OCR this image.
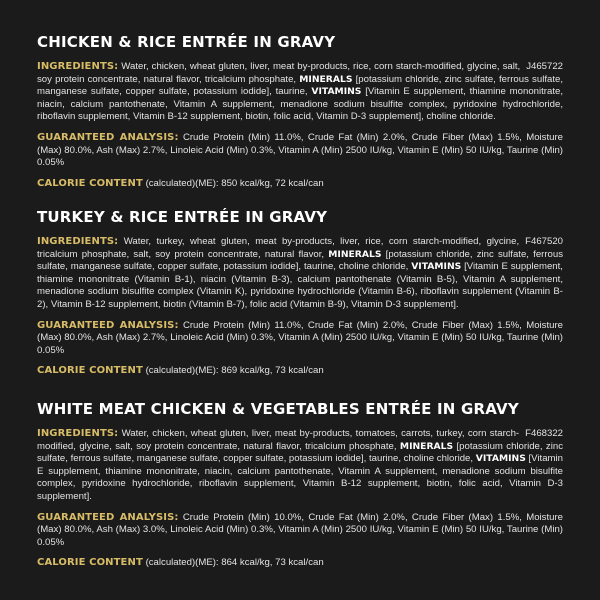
CHICKEN & RICE ENTRÉE IN GRAVY

J465722
INGREDIENTS: Water, chicken, wheat gluten, liver, meat by-products, rice, corn starch-modified, glycine, salt, soy protein concentrate, natural flavor, tricalcium phosphate, MINERALS [potassium chloride, zinc sulfate, ferrous sulfate, manganese sulfate, copper sulfate, potassium iodide], taurine, VITAMINS [Vitamin E supplement, thiamine mononitrate, niacin, calcium pantothenate, Vitamin A supplement, menadione sodium bisulfite complex, pyridoxine hydrochloride, riboflavin supplement, Vitamin B-12 supplement, biotin, folic acid, Vitamin D-3 supplement], choline chloride.

GUARANTEED ANALYSIS: Crude Protein (Min) 11.0%, Crude Fat (Min) 2.0%, Crude Fiber (Max) 1.5%, Moisture (Max) 80.0%, Ash (Max) 2.7%, Linoleic Acid (Min) 0.3%, Vitamin A (Min) 2500 IU/kg, Vitamin E (Min) 50 IU/kg, Taurine (Min) 0.05%

CALORIE CONTENT (calculated)(ME): 850 kcal/kg, 72 kcal/can

TURKEY & RICE ENTRÉE IN GRAVY

F467520
INGREDIENTS: Water, turkey, wheat gluten, meat by-products, liver, rice, corn starch-modified, glycine, tricalcium phosphate, salt, soy protein concentrate, natural flavor, MINERALS [potassium chloride, zinc sulfate, ferrous sulfate, manganese sulfate, copper sulfate, potassium iodide], taurine, choline chloride, VITAMINS [Vitamin E supplement, thiamine mononitrate (Vitamin B-1), niacin (Vitamin B-3), calcium pantothenate (Vitamin B-5), Vitamin A supplement, menadione sodium bisulfite complex (Vitamin K), pyridoxine hydrochloride (Vitamin B-6), riboflavin supplement (Vitamin B-2), Vitamin B-12 supplement, biotin (Vitamin B-7), folic acid (Vitamin B-9), Vitamin D-3 supplement].

GUARANTEED ANALYSIS: Crude Protein (Min) 11.0%, Crude Fat (Min) 2.0%, Crude Fiber (Max) 1.5%, Moisture (Max) 80.0%, Ash (Max) 2.7%, Linoleic Acid (Min) 0.3%, Vitamin A (Min) 2500 IU/kg, Vitamin E (Min) 50 IU/kg, Taurine (Min) 0.05%

CALORIE CONTENT (calculated)(ME): 869 kcal/kg, 73 kcal/can

WHITE MEAT CHICKEN & VEGETABLES ENTRÉE IN GRAVY

F468322
INGREDIENTS: Water, chicken, wheat gluten, liver, meat by-products, tomatoes, carrots, turkey, corn starch-modified, glycine, salt, soy protein concentrate, natural flavor, tricalcium phosphate, MINERALS [potassium chloride, zinc sulfate, ferrous sulfate, manganese sulfate, copper sulfate, potassium iodide], taurine, choline chloride, VITAMINS [Vitamin E supplement, thiamine mononitrate, niacin, calcium pantothenate, Vitamin A supplement, menadione sodium bisulfite complex, pyridoxine hydrochloride, riboflavin supplement, Vitamin B-12 supplement, biotin, folic acid, Vitamin D-3 supplement].

GUARANTEED ANALYSIS: Crude Protein (Min) 10.0%, Crude Fat (Min) 2.0%, Crude Fiber (Max) 1.5%, Moisture (Max) 80.0%, Ash (Max) 3.0%, Linoleic Acid (Min) 0.3%, Vitamin A (Min) 2500 IU/kg, Vitamin E (Min) 50 IU/kg, Taurine (Min) 0.05%

CALORIE CONTENT (calculated)(ME): 864 kcal/kg, 73 kcal/can
